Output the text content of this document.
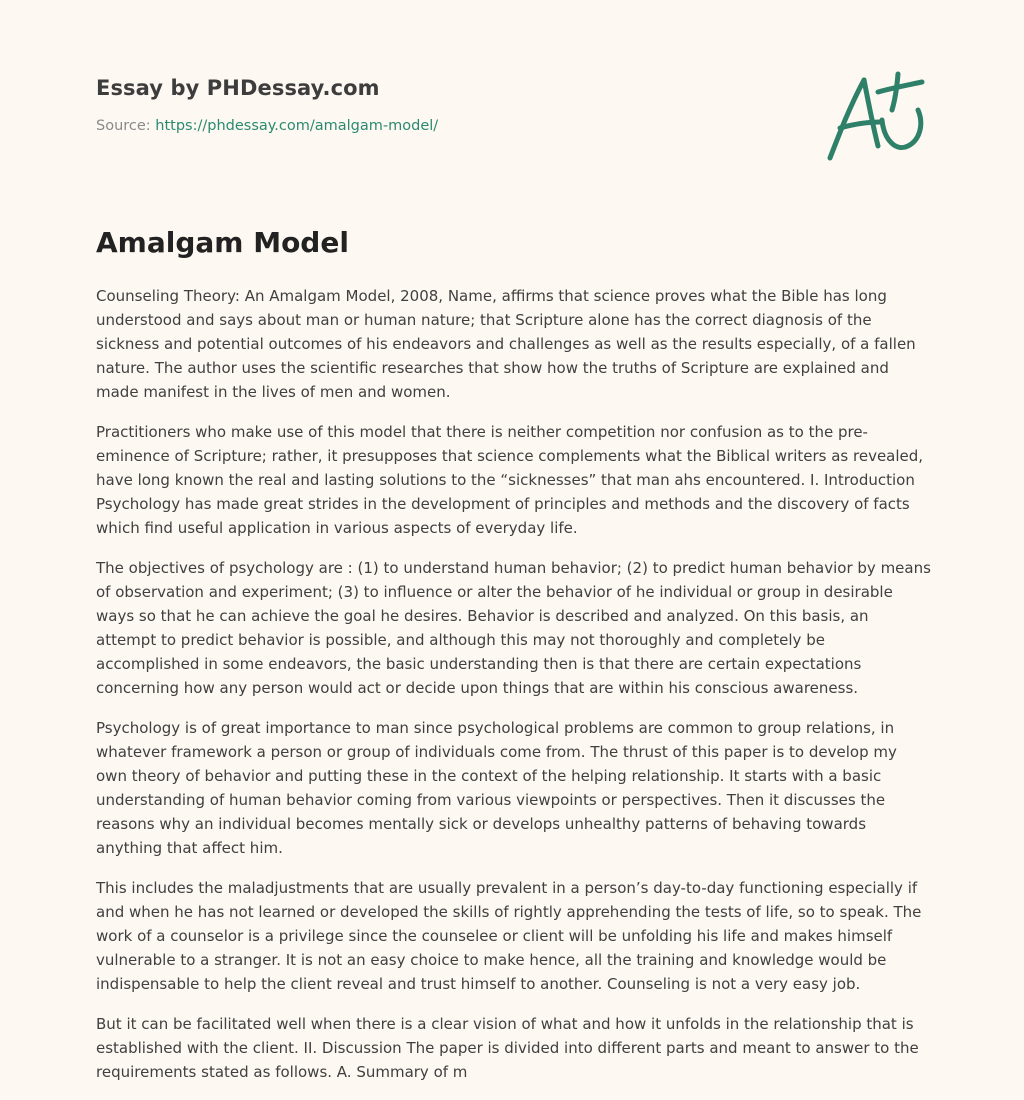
Essay by PHDessay.com
Source: https://phdessay.com/amalgam-model/
Amalgam Model

Counseling Theory: An Amalgam Model, 2008, Name, affirms that science proves what the Bible has long understood and says about man or human nature; that Scripture alone has the correct diagnosis of the sickness and potential outcomes of his endeavors and challenges as well as the results especially, of a fallen nature. The author uses the scientific researches that show how the truths of Scripture are explained and made manifest in the lives of men and women.

Practitioners who make use of this model that there is neither competition nor confusion as to the pre-eminence of Scripture; rather, it presupposes that science complements what the Biblical writers as revealed, have long known the real and lasting solutions to the “sicknesses” that man ahs encountered. I. Introduction Psychology has made great strides in the development of principles and methods and the discovery of facts which find useful application in various aspects of everyday life.

The objectives of psychology are : (1) to understand human behavior; (2) to predict human behavior by means of observation and experiment; (3) to influence or alter the behavior of he individual or group in desirable ways so that he can achieve the goal he desires. Behavior is described and analyzed. On this basis, an attempt to predict behavior is possible, and although this may not thoroughly and completely be accomplished in some endeavors, the basic understanding then is that there are certain expectations concerning how any person would act or decide upon things that are within his conscious awareness.

Psychology is of great importance to man since psychological problems are common to group relations, in whatever framework a person or group of individuals come from. The thrust of this paper is to develop my own theory of behavior and putting these in the context of the helping relationship. It starts with a basic understanding of human behavior coming from various viewpoints or perspectives. Then it discusses the reasons why an individual becomes mentally sick or develops unhealthy patterns of behaving towards anything that affect him.

This includes the maladjustments that are usually prevalent in a person’s day-to-day functioning especially if and when he has not learned or developed the skills of rightly apprehending the tests of life, so to speak. The work of a counselor is a privilege since the counselee or client will be unfolding his life and makes himself vulnerable to a stranger. It is not an easy choice to make hence, all the training and knowledge would be indispensable to help the client reveal and trust himself to another. Counseling is not a very easy job.

But it can be facilitated well when there is a clear vision of what and how it unfolds in the relationship that is established with the client. II. Discussion The paper is divided into different parts and meant to answer to the requirements stated as follows. A. Summary of m
